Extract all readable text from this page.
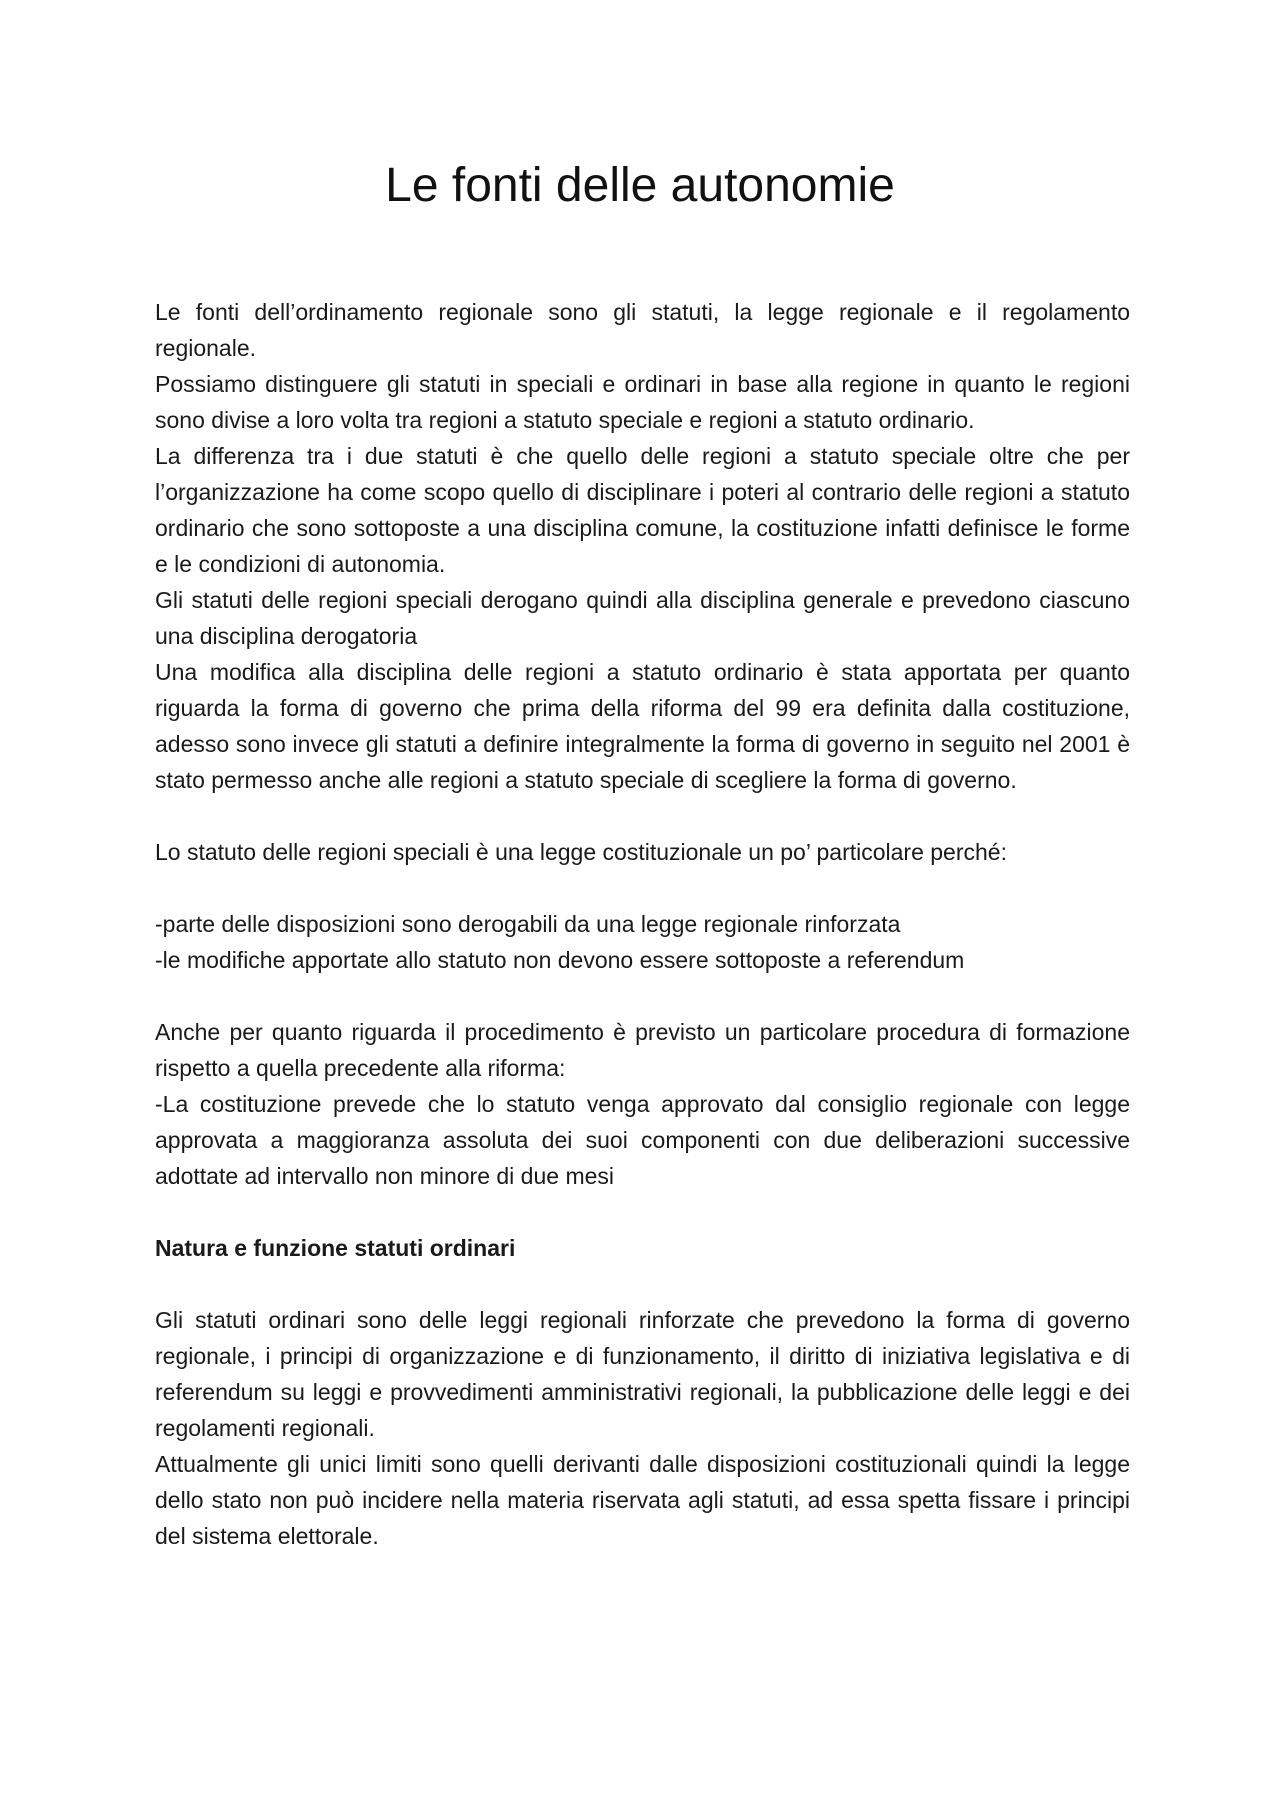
Le fonti delle autonomie

Le fonti dell’ordinamento regionale sono gli statuti, la legge regionale e il regolamento regionale.

Possiamo distinguere gli statuti in speciali e ordinari in base alla regione in quanto le regioni sono divise a loro volta tra regioni a statuto speciale e regioni a statuto ordinario.

La differenza tra i due statuti è che quello delle regioni a statuto speciale oltre che per l’organizzazione ha come scopo quello di disciplinare i poteri al contrario delle regioni a statuto ordinario che sono sottoposte a una disciplina comune, la costituzione infatti definisce le forme e le condizioni di autonomia.

Gli statuti delle regioni speciali derogano quindi alla disciplina generale e prevedono ciascuno una disciplina derogatoria

Una modifica alla disciplina delle regioni a statuto ordinario è stata apportata per quanto riguarda la forma di governo che prima della riforma del 99 era definita dalla costituzione, adesso sono invece gli statuti a definire integralmente la forma di governo in seguito nel 2001 è stato permesso anche alle regioni a statuto speciale di scegliere la forma di governo.

Lo statuto delle regioni speciali è una legge costituzionale un po’ particolare perché:

-parte delle disposizioni sono derogabili da una legge regionale rinforzata

-le modifiche apportate allo statuto non devono essere sottoposte a referendum

Anche per quanto riguarda il procedimento è previsto un particolare procedura di formazione rispetto a quella precedente alla riforma:

-La costituzione prevede che lo statuto venga approvato dal consiglio regionale con legge approvata a maggioranza assoluta dei suoi componenti con due deliberazioni successive adottate ad intervallo non minore di due mesi

Natura e funzione statuti ordinari

Gli statuti ordinari sono delle leggi regionali rinforzate che prevedono la forma di governo regionale, i principi di organizzazione e di funzionamento, il diritto di iniziativa legislativa e di referendum su leggi e provvedimenti amministrativi regionali, la pubblicazione delle leggi e dei regolamenti regionali.

Attualmente gli unici limiti sono quelli derivanti dalle disposizioni costituzionali quindi la legge dello stato non può incidere nella materia riservata agli statuti, ad essa spetta fissare i principi del sistema elettorale.
